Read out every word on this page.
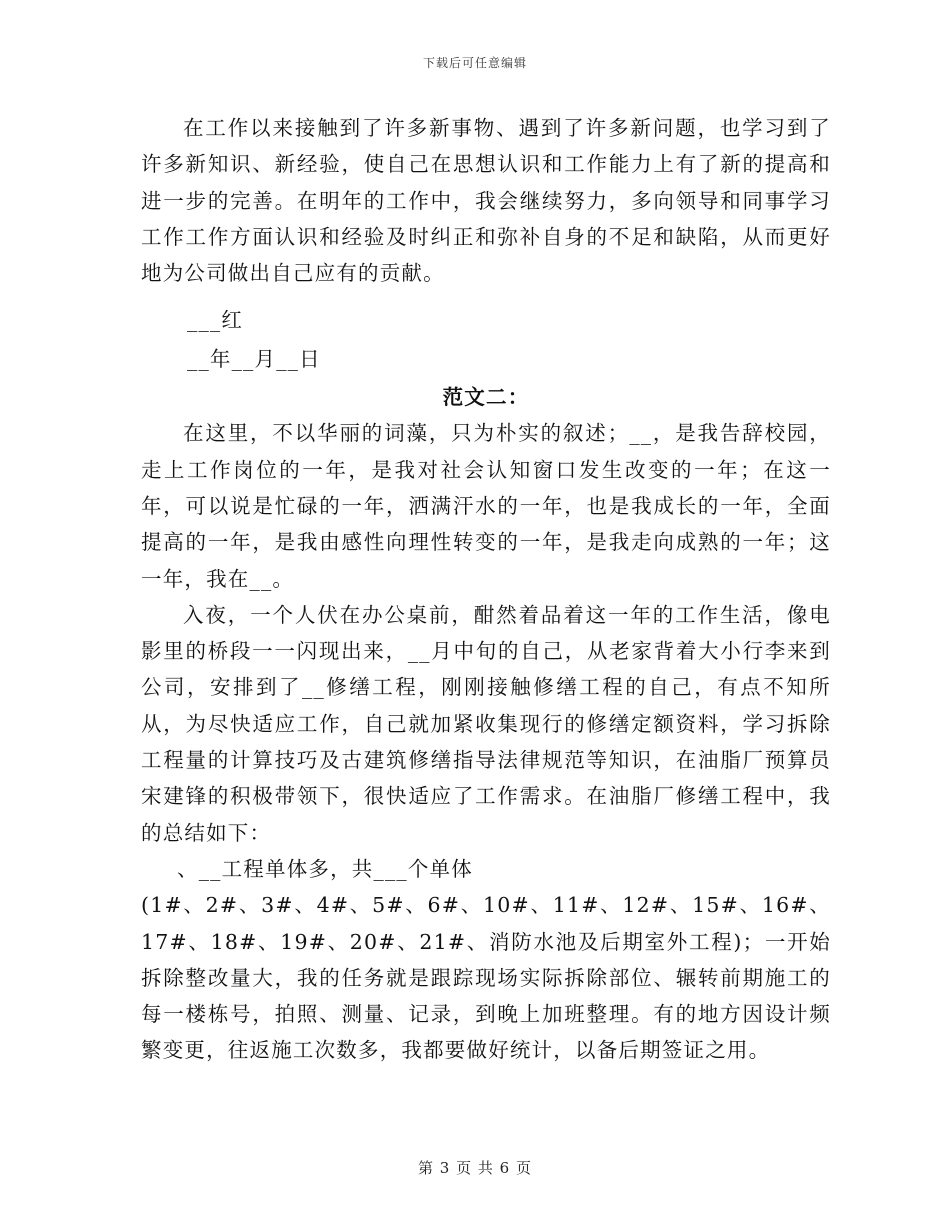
下载后可任意编辑

在工作以来接触到了许多新事物、遇到了许多新问题，也学习到了许多新知识、新经验，使自己在思想认识和工作能力上有了新的提高和进一步的完善。在明年的工作中，我会继续努力，多向领导和同事学习工作工作方面认识和经验及时纠正和弥补自身的不足和缺陷，从而更好地为公司做出自己应有的贡献。

___红

__年__月__日

范文二：

在这里，不以华丽的词藻，只为朴实的叙述；__，是我告辞校园，走上工作岗位的一年，是我对社会认知窗口发生改变的一年；在这一年，可以说是忙碌的一年，洒满汗水的一年，也是我成长的一年，全面提高的一年，是我由感性向理性转变的一年，是我走向成熟的一年；这一年，我在__。

入夜，一个人伏在办公桌前，酣然着品着这一年的工作生活，像电影里的桥段一一闪现出来，__月中旬的自己，从老家背着大小行李来到公司，安排到了__修缮工程，刚刚接触修缮工程的自己，有点不知所从，为尽快适应工作，自己就加紧收集现行的修缮定额资料，学习拆除工程量的计算技巧及古建筑修缮指导法律规范等知识，在油脂厂预算员宋建锋的积极带领下，很快适应了工作需求。在油脂厂修缮工程中，我的总结如下：

、__工程单体多，共___个单体

(1#、2#、3#、4#、5#、6#、10#、11#、12#、15#、16#、17#、18#、19#、20#、21#、消防水池及后期室外工程)；一开始拆除整改量大，我的任务就是跟踪现场实际拆除部位、辗转前期施工的每一楼栋号，拍照、测量、记录，到晚上加班整理。有的地方因设计频繁变更，往返施工次数多，我都要做好统计，以备后期签证之用。

第 3 页 共 6 页
